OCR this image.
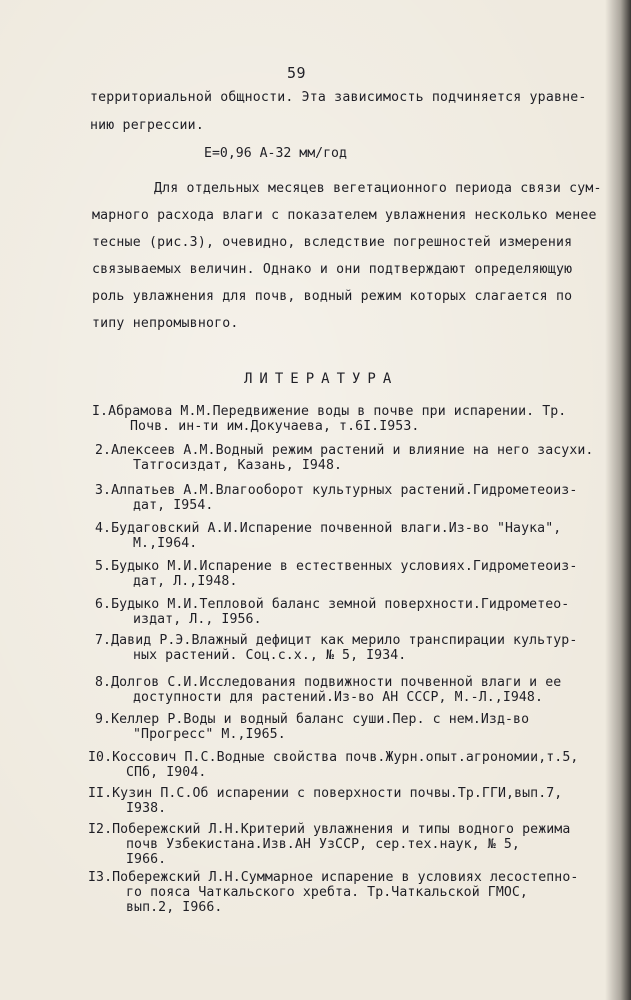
59
территориальной общности. Эта зависимость подчиняется уравне-
нию регрессии.
E=0,96 A-32 мм/год
Для отдельных месяцев вегетационного периода связи сум-
марного расхода влаги с показателем увлажнения несколько менее
тесные (рис.3), очевидно, вследствие погрешностей измерения
связываемых величин. Однако и они подтверждают определяющую
роль увлажнения для почв, водный режим которых слагается по
типу непромывного.
ЛИТЕРАТУРА
I.Абрамова М.М.Передвижение воды в почве при испарении. Тр.
Почв. ин-ти им.Докучаева, т.6I.I953.
2.Алексеев А.М.Водный режим растений и влияние на него засухи.
Татгосиздат, Казань, I948.
3.Алпатьев А.М.Влагооборот культурных растений.Гидрометеоиз-
дат, I954.
4.Будаговский А.И.Испарение почвенной влаги.Из-во "Наука",
М.,I964.
5.Будыко М.И.Испарение в естественных условиях.Гидрометеоиз-
дат, Л.,I948.
6.Будыко М.И.Тепловой баланс земной поверхности.Гидрометео-
издат, Л., I956.
7.Давид Р.Э.Влажный дефицит как мерило транспирации культур-
ных растений. Соц.с.х., № 5, I934.
8.Долгов С.И.Исследования подвижности почвенной влаги и ее
доступности для растений.Из-во АН СССР, М.-Л.,I948.
9.Келлер Р.Воды и водный баланс суши.Пер. с нем.Изд-во
"Прогресс" М.,I965.
I0.Коссович П.С.Водные свойства почв.Журн.опыт.агрономии,т.5,
СПб, I904.
II.Кузин П.С.Об испарении с поверхности почвы.Тр.ГГИ,вып.7,
I938.
I2.Побережский Л.Н.Критерий увлажнения и типы водного режима
почв Узбекистана.Изв.АН УзССР, сер.тех.наук, № 5,
I966.
I3.Побережский Л.Н.Суммарное испарение в условиях лесостепно-
го пояса Чаткальского хребта. Тр.Чаткальской ГМОС,
вып.2, I966.
